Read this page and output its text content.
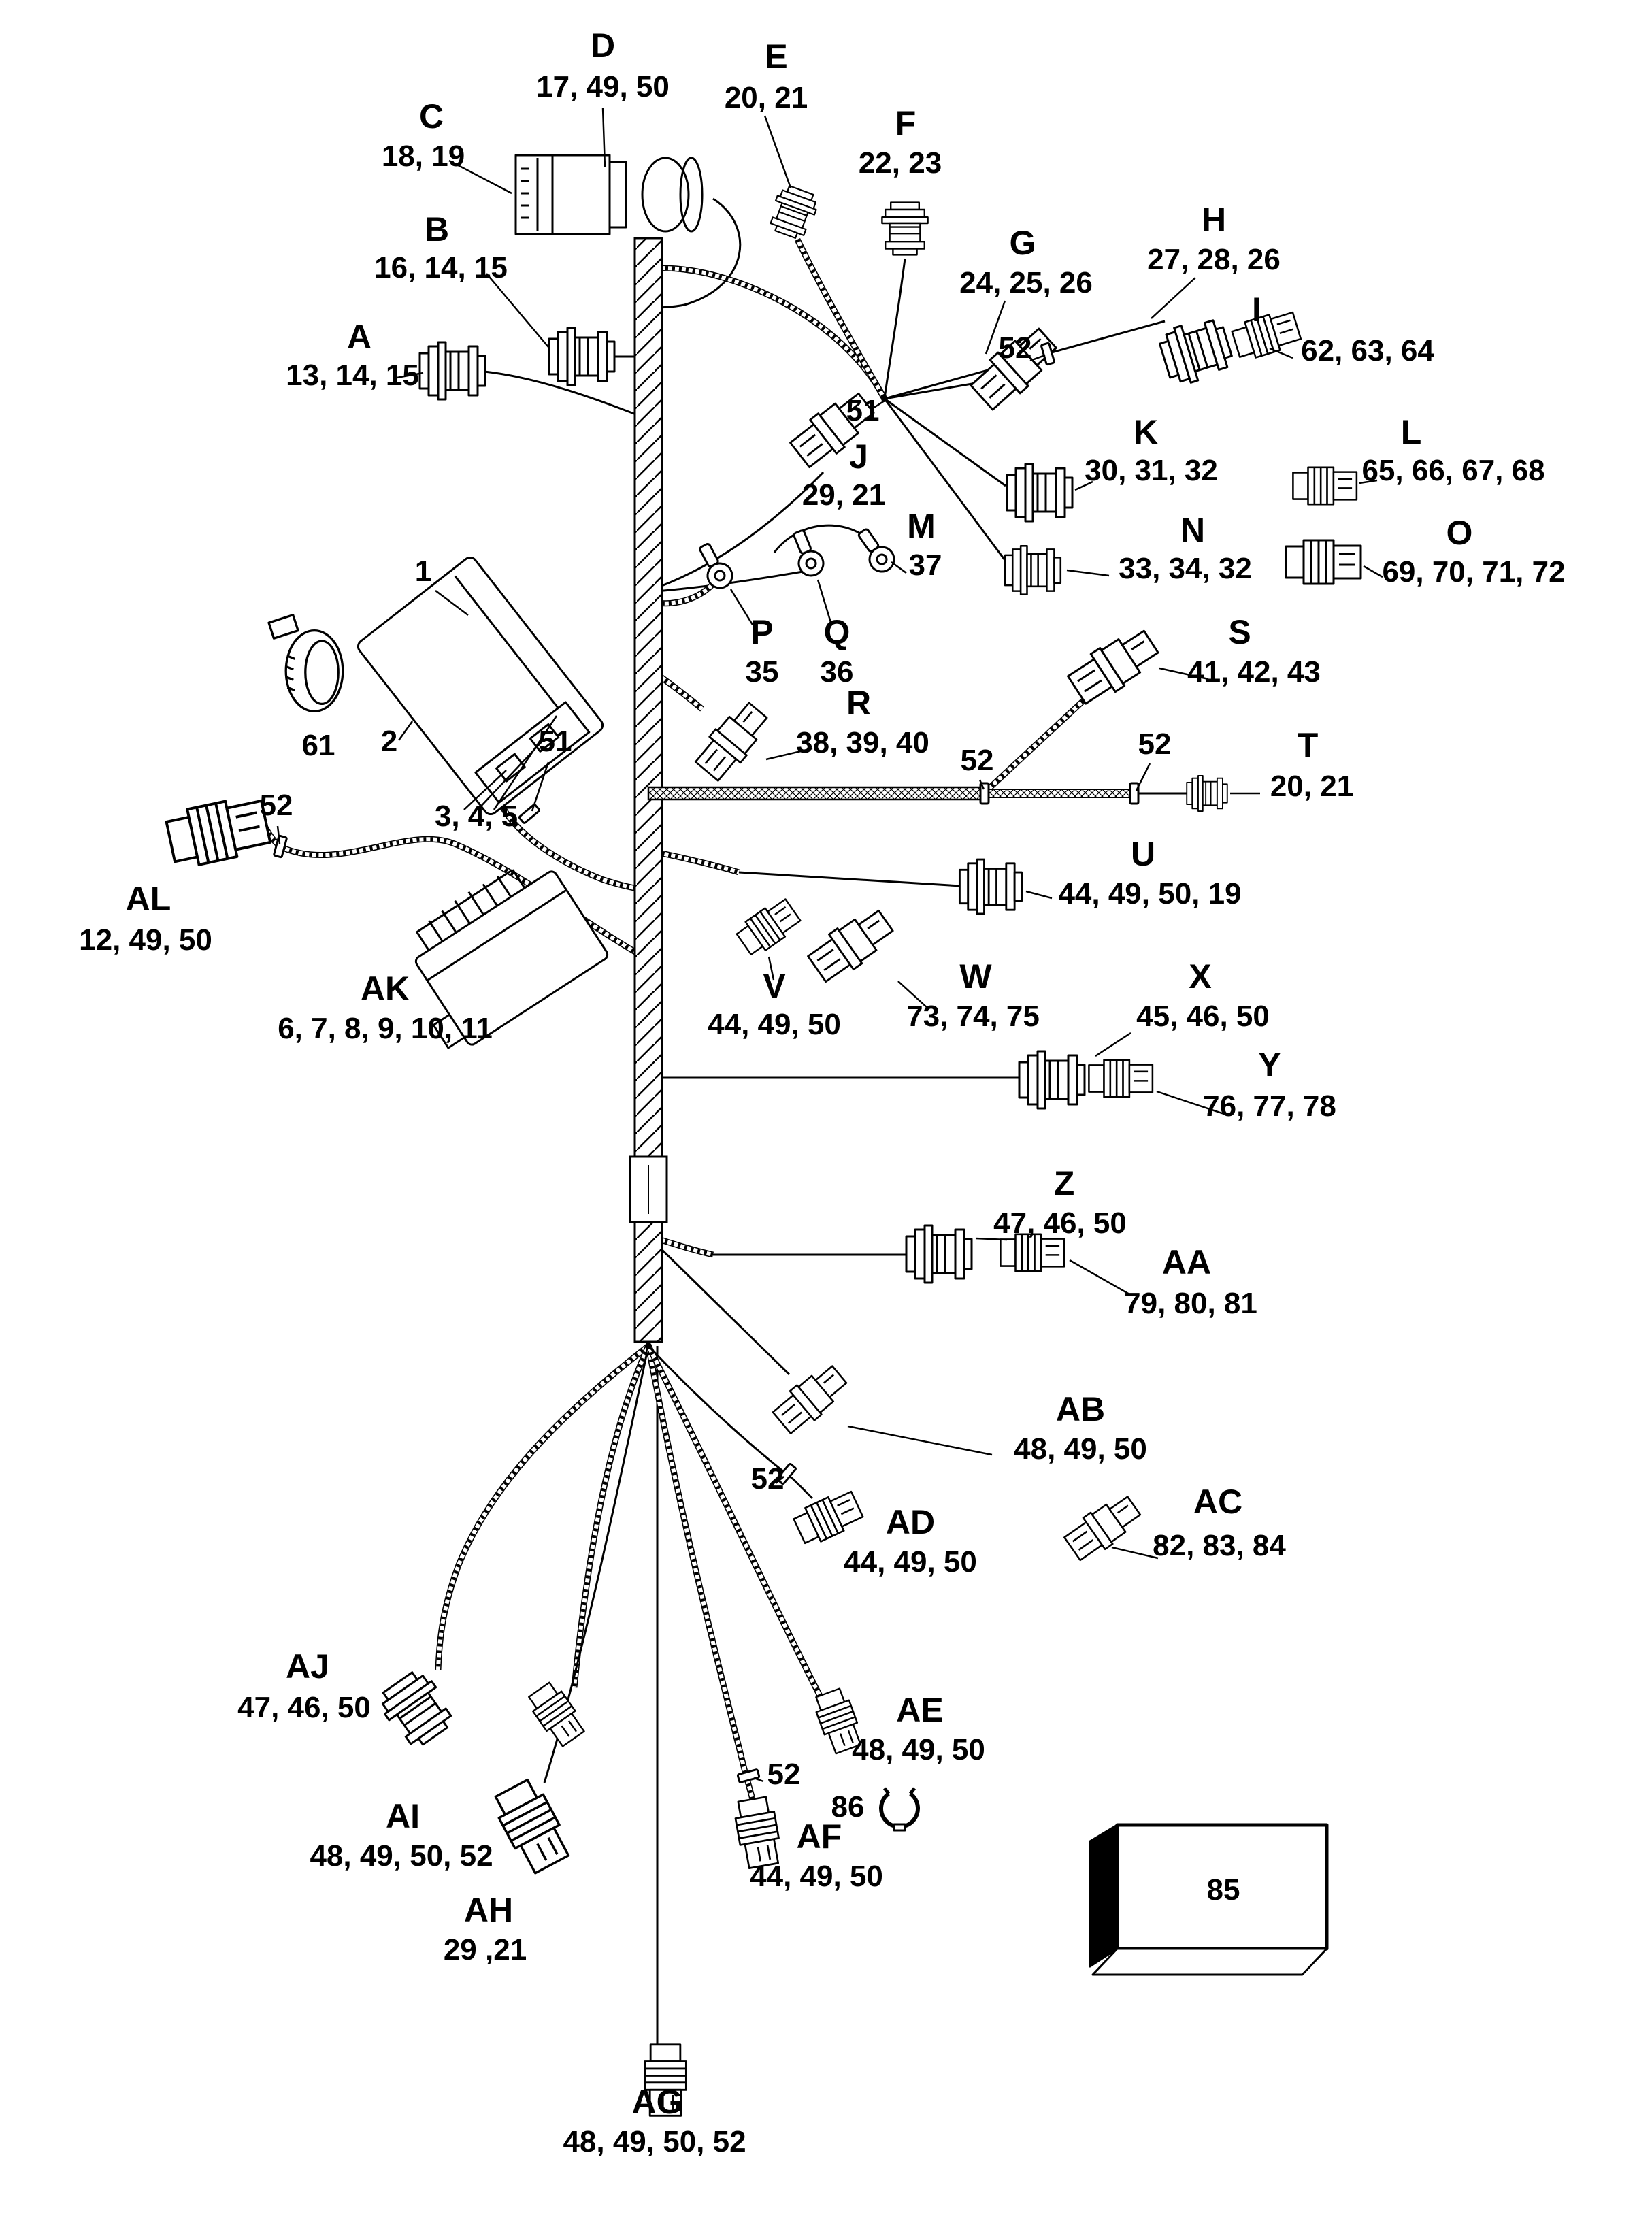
A
13, 14, 15
B
16, 14, 15
C
18, 19
D
17, 49, 50
E
20, 21
F
22, 23
G
24, 25, 26
H
27, 28, 26
I
62, 63, 64
J
29, 21
K
30, 31, 32
L
65, 66, 67, 68
M
37
N
33, 34, 32
O
69, 70, 71, 72
P
35
Q
36
R
38, 39, 40
S
41, 42, 43
T
20, 21
U
44, 49, 50, 19
V
44, 49, 50
W
73, 74, 75
X
45, 46, 50
Y
76, 77, 78
Z
47, 46, 50
AA
79, 80, 81
AB
48, 49, 50
AC
82, 83, 84
AD
44, 49, 50
AE
48, 49, 50
AF
44, 49, 50
AG
48, 49, 50, 52
AH
29 ,21
AI
48, 49, 50, 52
AJ
47, 46, 50
AK
6, 7, 8, 9, 10, 11
AL
12, 49, 50
1
2
61
51
51
3, 4, 5
52
52
52	52
52
52
85
86
